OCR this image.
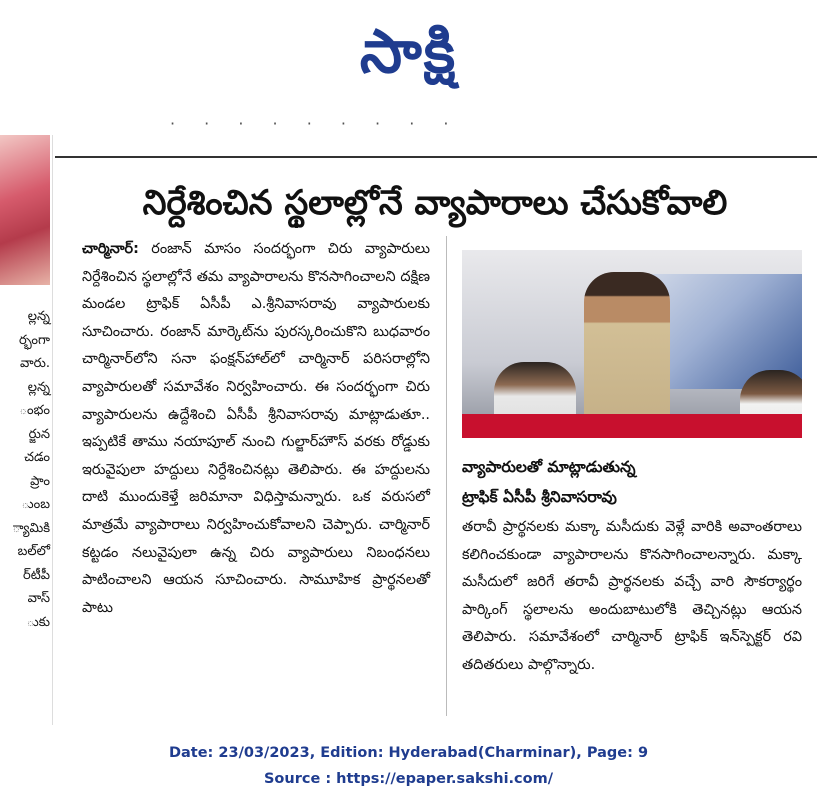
సాక్షి
· · · · · · · · ·
ల్లన్న
ర్భంగా
వారు.
ల్లన్న
ంభం
ర్జున
చడం
ప్రాం
ుంబ
్యామికి
బల్‌లో
ర్‌టీపీ
వాస్
ుకు
నిర్దేశించిన స్థలాల్లోనే వ్యాపారాలు చేసుకోవాలి
చార్మినార్: రంజాన్ మాసం సందర్భంగా చిరు వ్యాపారులు నిర్దేశించిన స్థలాల్లోనే తమ వ్యాపారాలను కొనసాగించాలని దక్షిణ మండల ట్రాఫిక్ ఏసీపీ ఎ.శ్రీనివాసరావు వ్యాపారులకు సూచించారు. రంజాన్ మార్కెట్‌ను పురస్కరించుకొని బుధవారం చార్మినార్‌లోని సనా ఫంక్షన్‌హాల్‌లో చార్మినార్ పరిసరాల్లోని వ్యాపారులతో సమావేశం నిర్వహించారు. ఈ సందర్భంగా చిరు వ్యాపారులను ఉద్దేశించి ఏసీపీ శ్రీనివాసరావు మాట్లాడుతూ.. ఇప్పటికే తాము నయాపూల్ నుంచి గుల్జార్‌హౌస్ వరకు రోడ్డుకు ఇరువైపులా హద్దులు నిర్దేశించినట్లు తెలిపారు. ఈ హద్దులను దాటి ముందుకెళ్తే జరిమానా విధిస్తామన్నారు. ఒక వరుసలో మాత్రమే వ్యాపారాలు నిర్వహించుకోవాలని చెప్పారు. చార్మినార్ కట్టడం నలువైపులా ఉన్న చిరు వ్యాపారులు నిబంధనలు పాటించాలని ఆయన సూచించారు. సామూహిక ప్రార్థనలతో పాటు
వ్యాపారులతో మాట్లాడుతున్న
ట్రాఫిక్ ఏసీపీ శ్రీనివాసరావు
తరావీ ప్రార్థనలకు మక్కా మసీదుకు వెళ్లే వారికి అవాంతరాలు కలిగించకుండా వ్యాపారాలను కొనసాగించాలన్నారు. మక్కా మసీదులో జరిగే తరావీ ప్రార్థనలకు వచ్చే వారి సౌకర్యార్థం పార్కింగ్ స్థలాలను అందుబాటులోకి తెచ్చినట్లు ఆయన తెలిపారు. సమావేశంలో చార్మినార్ ట్రాఫిక్ ఇన్‌స్పెక్టర్ రవి తదితరులు పాల్గొన్నారు.
Date: 23/03/2023, Edition: Hyderabad(Charminar), Page: 9
Source : https://epaper.sakshi.com/
